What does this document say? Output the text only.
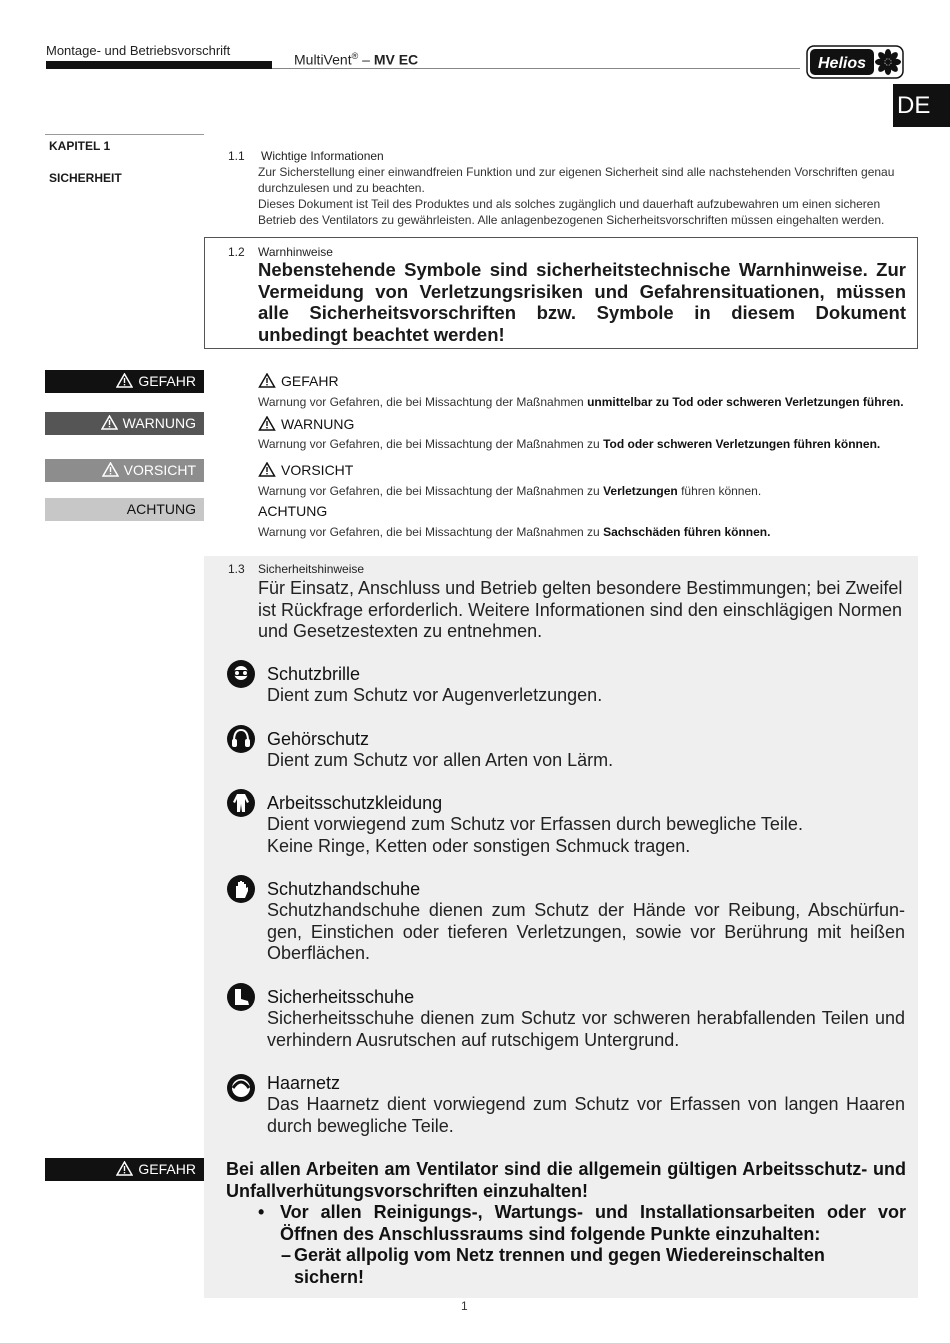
Montage- und Betriebsvorschrift
MultiVent® – MV EC	Helios
DE
KAPITEL 1
SICHERHEIT
1.1 Wichtige Informationen
Zur Sicherstellung einer einwandfreien Funktion und zur eigenen Sicherheit sind alle nachstehenden Vorschriften genau
durchzulesen und zu beachten.
Dieses Dokument ist Teil des Produktes und als solches zugänglich und dauerhaft aufzubewahren um einen sicheren
Betrieb des Ventilators zu gewährleisten. Alle anlagenbezogenen Sicherheitsvorschriften müssen eingehalten werden.
1.2 Warnhinweise
Nebenstehende Symbole sind sicherheitstechnische Warnhinweise. Zur Vermeidung von Verletzungsrisiken und Gefahrensituationen, müssen alle Sicherheitsvorschriften bzw. Symbole in diesem Dokument unbedingt beachtet werden!
GEFAHR
WARNUNG
VORSICHT
ACHTUNG
GEFAHR
Warnung vor Gefahren, die bei Missachtung der Maßnahmen unmittelbar zu Tod oder schweren Verletzungen führen.
WARNUNG
Warnung vor Gefahren, die bei Missachtung der Maßnahmen zu Tod oder schweren Verletzungen führen können.
VORSICHT
Warnung vor Gefahren, die bei Missachtung der Maßnahmen zu Verletzungen führen können.
ACHTUNG
Warnung vor Gefahren, die bei Missachtung der Maßnahmen zu Sachschäden führen können.
1.3 Sicherheitshinweise
Für Einsatz, Anschluss und Betrieb gelten besondere Bestimmungen; bei Zweifel ist Rückfrage erforderlich. Weitere Informationen sind den einschlägigen Normen und Gesetzestexten zu entnehmen.
Schutzbrille
Dient zum Schutz vor Augenverletzungen.
Gehörschutz
Dient zum Schutz vor allen Arten von Lärm.
Arbeitsschutzkleidung
Dient vorwiegend zum Schutz vor Erfassen durch bewegliche Teile.
Keine Ringe, Ketten oder sonstigen Schmuck tragen.
Schutzhandschuhe
Schutzhandschuhe dienen zum Schutz der Hände vor Reibung, Abschürfun-gen, Einstichen oder tieferen Verletzungen, sowie vor Berührung mit heißen Oberflächen.
Sicherheitsschuhe
Sicherheitsschuhe dienen zum Schutz vor schweren herabfallenden Teilen und verhindern Ausrutschen auf rutschigem Untergrund.
Haarnetz
Das Haarnetz dient vorwiegend zum Schutz vor Erfassen von langen Haaren durch bewegliche Teile.
GEFAHR	Bei allen Arbeiten am Ventilator sind die allgemein gültigen Arbeitsschutz- und Unfallverhütungsvorschriften einzuhalten!
• Vor allen Reinigungs-, Wartungs- und Installationsarbeiten oder vor Öffnen des Anschlussraums sind folgende Punkte einzuhalten:
– Gerät allpolig vom Netz trennen und gegen Wiedereinschalten sichern!
1
